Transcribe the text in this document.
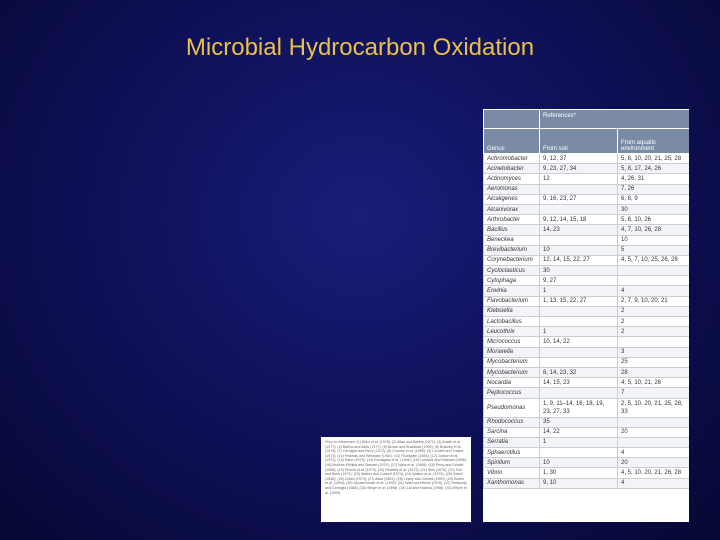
Microbial Hydrocarbon Oxidation
	References*	
Genus	From soil	From aquatic environment
Achromobacter	9, 12, 37	5, 8, 10, 20, 21, 25, 28
Acinetobacter	9, 23, 27, 34	5, 8, 17, 24, 26
Actinomyces	12	4, 26, 31
Aeromonas		7, 26
Alcaligenes	9, 16, 23, 27	6, 8, 9
Alcanivorax		30
Arthrobacter	9, 12, 14, 15, 18	5, 8, 10, 26
Bacillus	14, 23	4, 7, 10, 26, 28
Beneckea		10
Brevibacterium	10	5
Corynebacterium	12, 14, 15, 22, 27	4, 5, 7, 10, 25, 26, 28
Cycloclasticus	30	
Cytophaga	9, 27	
Erwinia	1	4
Flavobacterium	1, 13, 15, 22, 27	2, 7, 9, 10, 20, 21
Klebsiella		2
Lactobacillus		2
Leucothrix	1	2
Micrococcus	10, 14, 22	
Moraxella		3
Mycobacterium		25
Mycobacterium	8, 14, 23, 32	28
Nocardia	14, 15, 23	4, 5, 10, 21, 26
Peptococcus		7
Pseudomonas	1, 9, 11–14, 16, 18, 19, 23, 27, 33	2, 5, 10, 20, 21, 25, 28, 33
Rhodococcus	35	
Sarcina	14, 22	20
Serratia	1	
Sphaerotilus		4
Spirillum	10	20
Vibrio	1, 30	4, 5, 10, 20, 21, 26, 28
Xanthomonas	9, 10	4
*Key to references: (1) Allen et al. (1978); (2) Atlas and Bartha (1972); (3) Austin et al. (1977); (4) Bartha and Atlas (1977); (5) Brown and Braddock (1990); (6) Buckley et al. (1976); (7) Cerniglia and Perry (1973); (8) Cooney et al. (1985); (9) Cundell and Traxler (1973); (10) Fedorak and Westlake (1981); (11) Floodgate (1984); (12) Jobson et al. (1972); (13) Kator (1973); (14) Komagata et al. (1964); (15) Ludzack and Kinkead (1956); (16) Mulkins-Phillips and Stewart (1974); (17) Nyns et al. (1968); (18) Perry and Scheld (1968); (19) Pinholt et al. (1979); (20) Reisfeld et al. (1972); (21) Seki (1976); (22) Soli and Bens (1972); (23) Walker and Colwell (1974); (24) Walker et al. (1975); (25) Zobell (1946); (26) Zobell (1973); (27) Atlas (1981); (28) Leahy and Colwell (1990); (29) Kohler et al. (1994); (30) Dyksterhouse et al. (1995); (31) Ward and Brock (1978); (32) Heitkamp and Cerniglia (1988); (33) Whyte et al. (1998); (34) Lal and Khanna (1996); (35) Whyte et al. (1999).
